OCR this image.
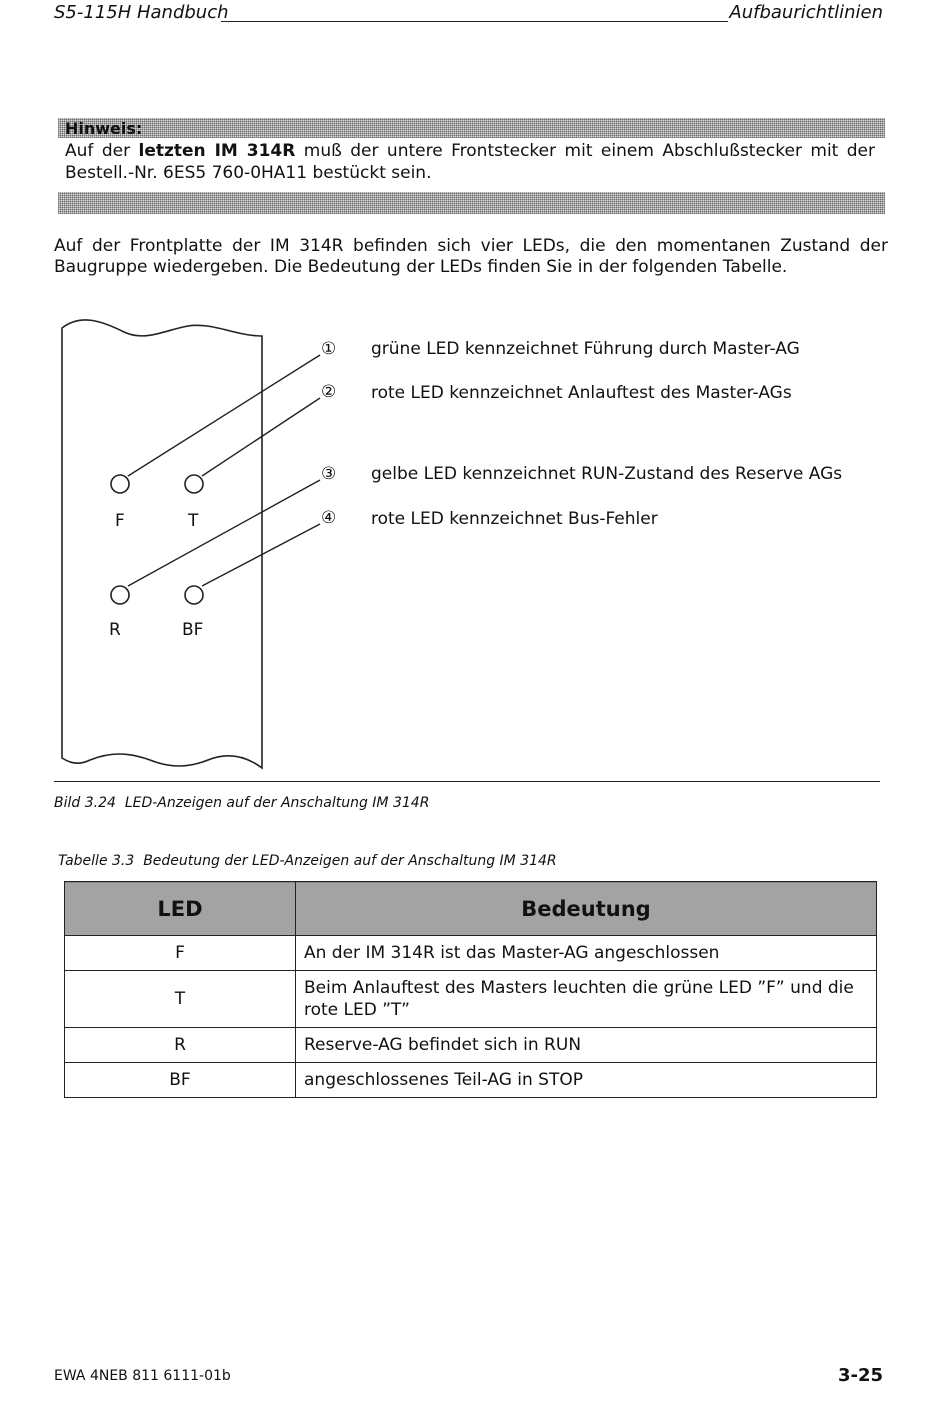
S5-115H Handbuch	Aufbaurichtlinien
Hinweis:
Auf der letzten IM 314R muß der untere Frontstecker mit einem Abschlußstecker mit der Bestell.-Nr. 6ES5 760-0HA11 bestückt sein.
Auf der Frontplatte der IM 314R befinden sich vier LEDs, die den momentanen Zustand der Baugruppe wiedergeben. Die Bedeutung der LEDs finden Sie in der folgenden Tabelle.
F	T
R	BF
①
②
③
④
grüne LED kennzeichnet Führung durch Master-AG
rote LED kennzeichnet Anlauftest des Master-AGs
gelbe LED kennzeichnet RUN-Zustand des Reserve AGs
rote LED kennzeichnet Bus-Fehler
Bild 3.24 LED-Anzeigen auf der Anschaltung IM 314R
Tabelle 3.3 Bedeutung der LED-Anzeigen auf der Anschaltung IM 314R
LED	Bedeutung
F	An der IM 314R ist das Master-AG angeschlossen
T	Beim Anlauftest des Masters leuchten die grüne LED ”F” und die rote LED ”T”
R	Reserve-AG befindet sich in RUN
BF	angeschlossenes Teil-AG in STOP
EWA 4NEB 811 6111-01b	3-25
